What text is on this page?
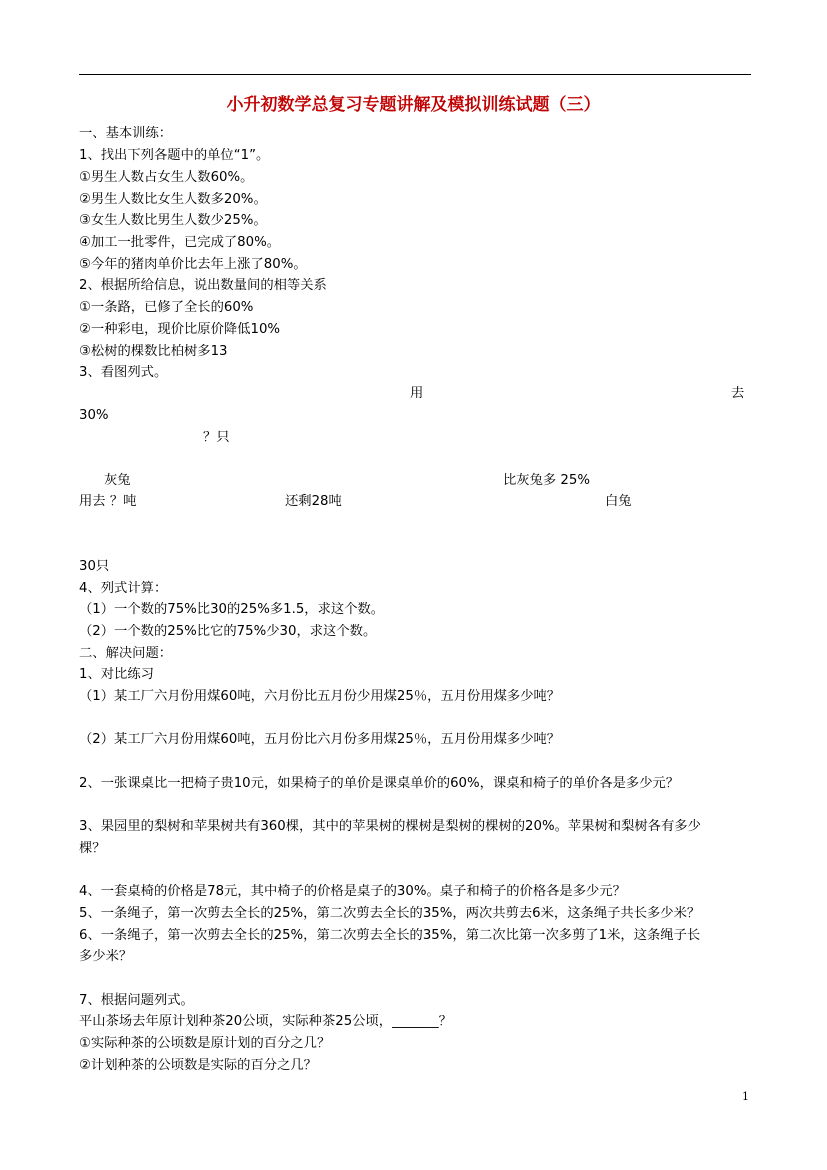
小升初数学总复习专题讲解及模拟训练试题（三）
一、基本训练：
1、找出下列各题中的单位“1”。
①男生人数占女生人数60%。
②男生人数比女生人数多20%。
③女生人数比男生人数少25%。
④加工一批零件，已完成了80%。
⑤今年的猪肉单价比去年上涨了80%。
2、根据所给信息，说出数量间的相等关系
①一条路，已修了全长的60%
②一种彩电，现价比原价降低10%
③松树的棵数比柏树多13
3、看图列式。
用	去
30%
？只
灰兔	比灰兔多 25%
用去 ？吨	还剩28吨	白兔
30只
4、列式计算：
（1）一个数的75%比30的25%多1.5，求这个数。
（2）一个数的25%比它的75%少30，求这个数。
二、解决问题：
1、对比练习
（1）某工厂六月份用煤60吨，六月份比五月份少用煤25％，五月份用煤多少吨？
（2）某工厂六月份用煤60吨，五月份比六月份多用煤25％，五月份用煤多少吨？
2、一张课桌比一把椅子贵10元，如果椅子的单价是课桌单价的60%，课桌和椅子的单价各是多少元？
3、果园里的梨树和苹果树共有360棵，其中的苹果树的棵树是梨树的棵树的20%。苹果树和梨树各有多少
棵？
4、一套桌椅的价格是78元，其中椅子的价格是桌子的30%。桌子和椅子的价格各是多少元？
5、一条绳子，第一次剪去全长的25%，第二次剪去全长的35%，两次共剪去6米，这条绳子共长多少米？
6、一条绳子，第一次剪去全长的25%，第二次剪去全长的35%，第二次比第一次多剪了1米，这条绳子长
多少米？
7、根据问题列式。
平山茶场去年原计划种茶20公顷，实际种茶25公顷，_______？
①实际种茶的公顷数是原计划的百分之几？
②计划种茶的公顷数是实际的百分之几？
1
